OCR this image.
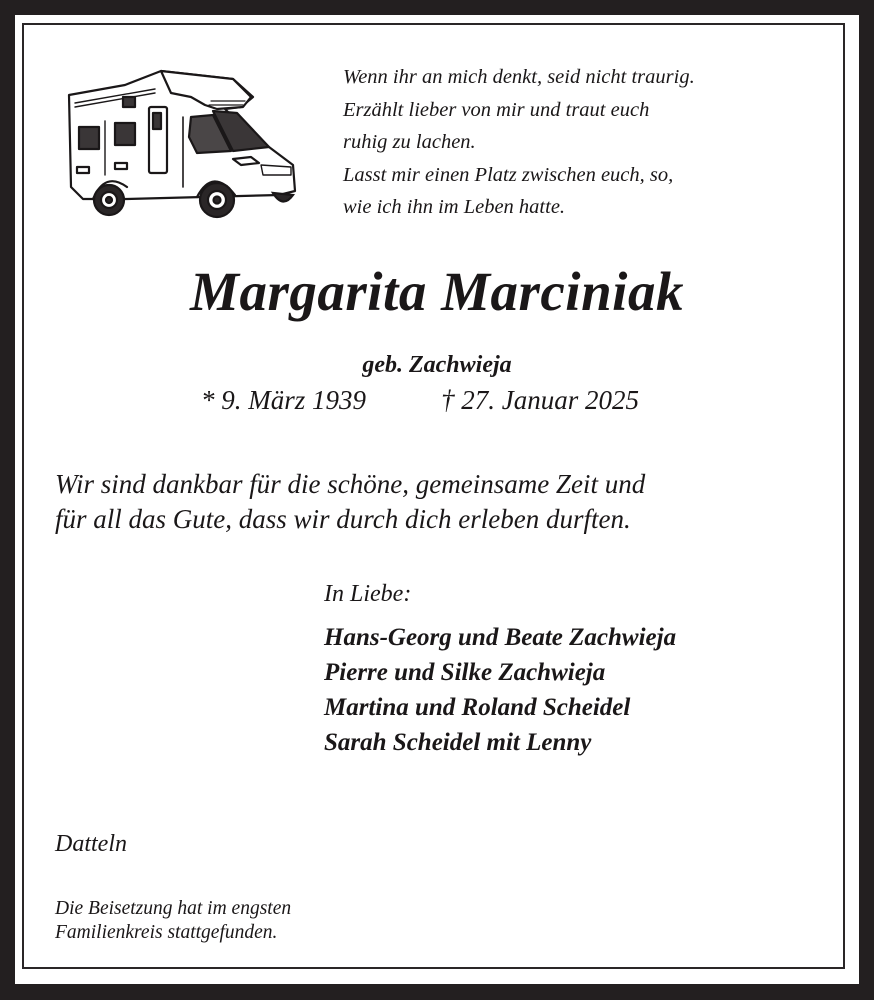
Wenn ihr an mich denkt, seid nicht traurig.
Erzählt lieber von mir und traut euch
ruhig zu lachen.
Lasst mir einen Platz zwischen euch, so,
wie ich ihn im Leben hatte.
Margarita Marciniak
geb. Zachwieja
* 9. März 1939	† 27. Januar 2025
Wir sind dankbar für die schöne, gemeinsame Zeit und
für all das Gute, dass wir durch dich erleben durften.
In Liebe:
Hans-Georg und Beate Zachwieja
Pierre und Silke Zachwieja
Martina und Roland Scheidel
Sarah Scheidel mit Lenny
Datteln
Die Beisetzung hat im engsten
Familienkreis stattgefunden.
